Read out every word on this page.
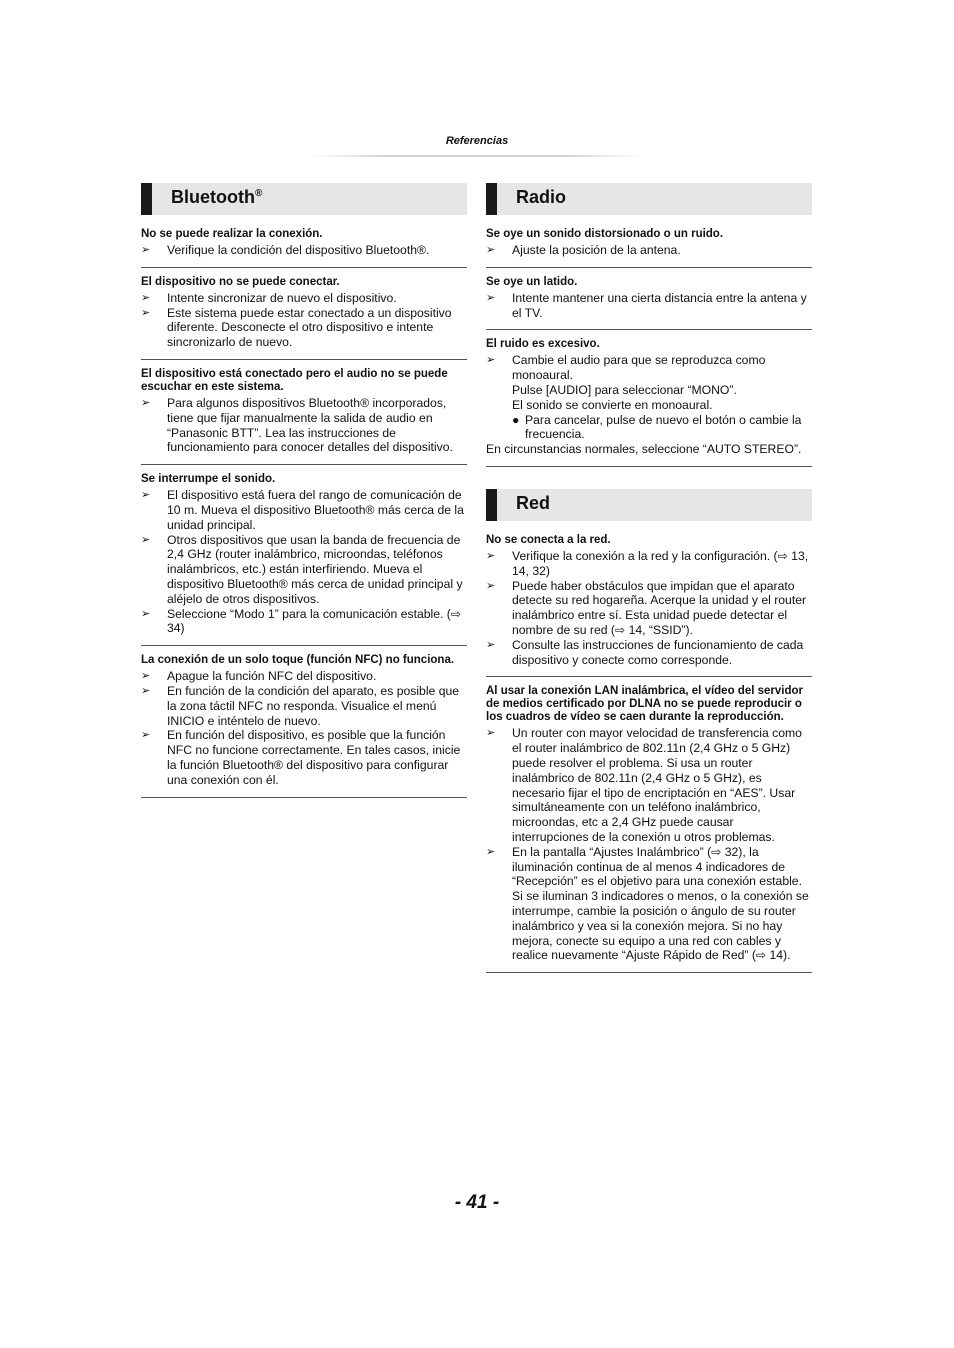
Referencias
Bluetooth®
No se puede realizar la conexión.
➢ Verifique la condición del dispositivo Bluetooth®.
El dispositivo no se puede conectar.
➢ Intente sincronizar de nuevo el dispositivo.
➢ Este sistema puede estar conectado a un dispositivo diferente. Desconecte el otro dispositivo e intente sincronizarlo de nuevo.
El dispositivo está conectado pero el audio no se puede escuchar en este sistema.
➢ Para algunos dispositivos Bluetooth® incorporados, tiene que fijar manualmente la salida de audio en “Panasonic BTT”. Lea las instrucciones de funcionamiento para conocer detalles del dispositivo.
Se interrumpe el sonido.
➢ El dispositivo está fuera del rango de comunicación de 10 m. Mueva el dispositivo Bluetooth® más cerca de la unidad principal.
➢ Otros dispositivos que usan la banda de frecuencia de 2,4 GHz (router inalámbrico, microondas, teléfonos inalámbricos, etc.) están interfiriendo. Mueva el dispositivo Bluetooth® más cerca de unidad principal y aléjelo de otros dispositivos.
➢ Seleccione “Modo 1” para la comunicación estable. (⇨ 34)
La conexión de un solo toque (función NFC) no funciona.
➢ Apague la función NFC del dispositivo.
➢ En función de la condición del aparato, es posible que la zona táctil NFC no responda. Visualice el menú INICIO e inténtelo de nuevo.
➢ En función del dispositivo, es posible que la función NFC no funcione correctamente. En tales casos, inicie la función Bluetooth® del dispositivo para configurar una conexión con él.
Radio
Se oye un sonido distorsionado o un ruido.
➢ Ajuste la posición de la antena.
Se oye un latido.
➢ Intente mantener una cierta distancia entre la antena y el TV.
El ruido es excesivo.
➢ Cambie el audio para que se reproduzca como monoaural.
Pulse [AUDIO] para seleccionar “MONO”.
El sonido se convierte en monoaural.
● Para cancelar, pulse de nuevo el botón o cambie la frecuencia.
En circunstancias normales, seleccione “AUTO STEREO”.
Red
No se conecta a la red.
➢ Verifique la conexión a la red y la configuración. (⇨ 13, 14, 32)
➢ Puede haber obstáculos que impidan que el aparato detecte su red hogareña. Acerque la unidad y el router inalámbrico entre sí. Esta unidad puede detectar el nombre de su red (⇨ 14, “SSID”).
➢ Consulte las instrucciones de funcionamiento de cada dispositivo y conecte como corresponde.
Al usar la conexión LAN inalámbrica, el vídeo del servidor de medios certificado por DLNA no se puede reproducir o los cuadros de vídeo se caen durante la reproducción.
➢ Un router con mayor velocidad de transferencia como el router inalámbrico de 802.11n (2,4 GHz o 5 GHz) puede resolver el problema. Si usa un router inalámbrico de 802.11n (2,4 GHz o 5 GHz), es necesario fijar el tipo de encriptación en “AES”. Usar simultáneamente con un teléfono inalámbrico, microondas, etc a 2,4 GHz puede causar interrupciones de la conexión u otros problemas.
➢ En la pantalla “Ajustes Inalámbrico” (⇨ 32), la iluminación continua de al menos 4 indicadores de “Recepción” es el objetivo para una conexión estable. Si se iluminan 3 indicadores o menos, o la conexión se interrumpe, cambie la posición o ángulo de su router inalámbrico y vea si la conexión mejora. Si no hay mejora, conecte su equipo a una red con cables y realice nuevamente “Ajuste Rápido de Red” (⇨ 14).
- 41 -
